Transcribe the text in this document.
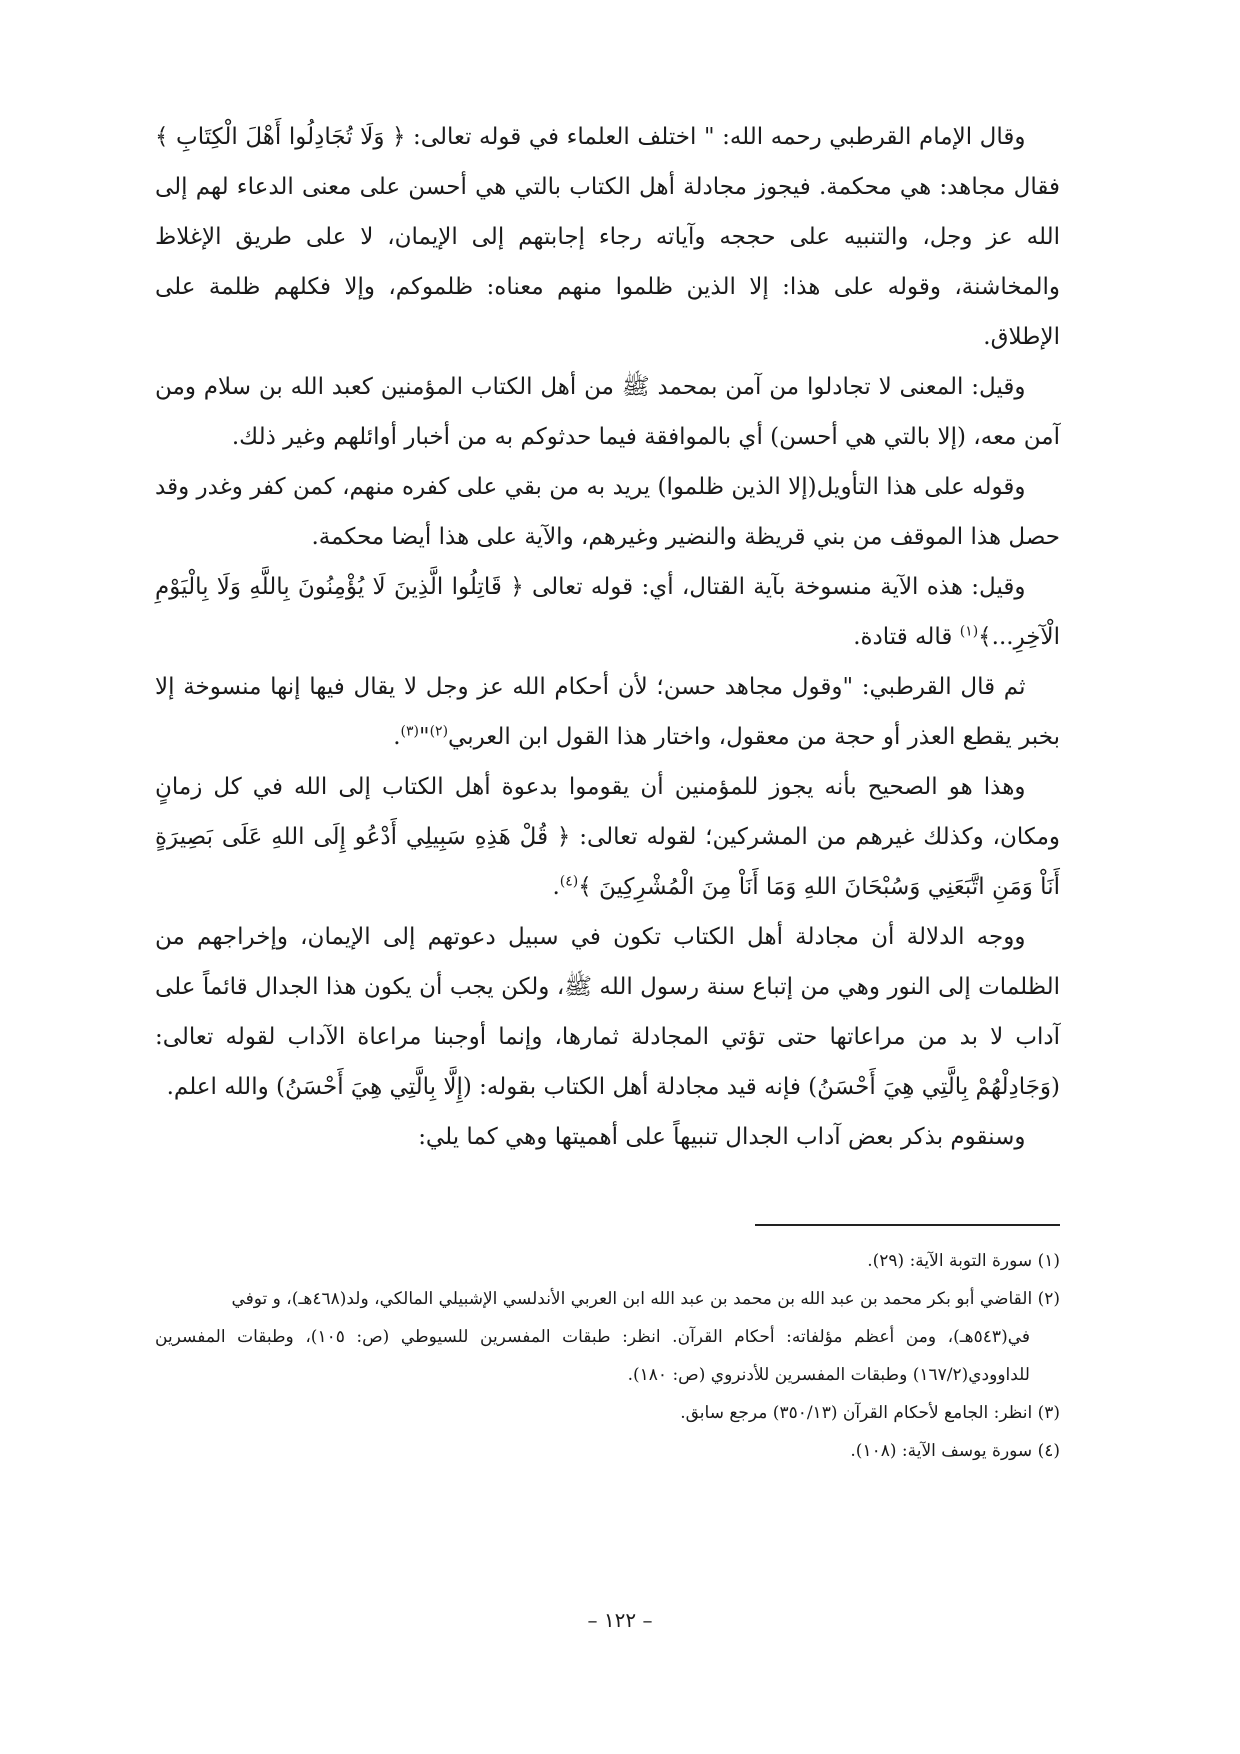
وقال الإمام القرطبي رحمه الله: " اختلف العلماء في قوله تعالى: ﴿ وَلَا تُجَادِلُوا أَهْلَ الْكِتَابِ ﴾ فقال مجاهد: هي محكمة. فيجوز مجادلة أهل الكتاب بالتي هي أحسن على معنى الدعاء لهم إلى الله عز وجل، والتنبيه على حججه وآياته رجاء إجابتهم إلى الإيمان، لا على طريق الإغلاظ والمخاشنة، وقوله على هذا: إلا الذين ظلموا منهم معناه: ظلموكم، وإلا فكلهم ظلمة على الإطلاق.

وقيل: المعنى لا تجادلوا من آمن بمحمد ﷺ من أهل الكتاب المؤمنين كعبد الله بن سلام ومن آمن معه، (إلا بالتي هي أحسن) أي بالموافقة فيما حدثوكم به من أخبار أوائلهم وغير ذلك.

وقوله على هذا التأويل(إلا الذين ظلموا) يريد به من بقي على كفره منهم، كمن كفر وغدر وقد حصل هذا الموقف من بني قريظة والنضير وغيرهم، والآية على هذا أيضا محكمة.

وقيل: هذه الآية منسوخة بآية القتال، أي: قوله تعالى ﴿ قَاتِلُوا الَّذِينَ لَا يُؤْمِنُونَ بِاللَّهِ وَلَا بِالْيَوْمِ الْآخِرِ...﴾$^{(١)}$ قاله قتادة.

ثم قال القرطبي: "وقول مجاهد حسن؛ لأن أحكام الله عز وجل لا يقال فيها إنها منسوخة إلا بخبر يقطع العذر أو حجة من معقول، واختار هذا القول ابن العربي$^{(٢)}$"$^{(٣)}$.

وهذا هو الصحيح بأنه يجوز للمؤمنين أن يقوموا بدعوة أهل الكتاب إلى الله في كل زمانٍ ومكان، وكذلك غيرهم من المشركين؛ لقوله تعالى: ﴿ قُلْ هَذِهِ سَبِيلِي أَدْعُو إِلَى اللهِ عَلَى بَصِيرَةٍ أَنَاْ وَمَنِ اتَّبَعَنِي وَسُبْحَانَ اللهِ وَمَا أَنَاْ مِنَ الْمُشْرِكِينَ ﴾$^{(٤)}$.

ووجه الدلالة أن مجادلة أهل الكتاب تكون في سبيل دعوتهم إلى الإيمان، وإخراجهم من الظلمات إلى النور وهي من إتباع سنة رسول الله ﷺ، ولكن يجب أن يكون هذا الجدال قائماً على آداب لا بد من مراعاتها حتى تؤتي المجادلة ثمارها، وإنما أوجبنا مراعاة الآداب لقوله تعالى: (وَجَادِلْهُمْ بِالَّتِي هِيَ أَحْسَنُ) فإنه قيد مجادلة أهل الكتاب بقوله: (إِلَّا بِالَّتِي هِيَ أَحْسَنُ) والله اعلم.

وسنقوم بذكر بعض آداب الجدال تنبيهاً على أهميتها وهي كما يلي:

(١) سورة التوبة الآية: (٢٩).

(٢) القاضي أبو بكر محمد بن عبد الله بن محمد بن عبد الله ابن العربي الأندلسي الإشبيلي المالكي، ولد(٤٦٨هـ)، و توفي

في(٥٤٣هـ)، ومن أعظم مؤلفاته: أحكام القرآن. انظر: طبقات المفسرين للسيوطي (ص: ١٠٥)، وطبقات المفسرين للداوودي(١٦٧/٢) وطبقات المفسرين للأدنروي (ص: ١٨٠).

(٣) انظر: الجامع لأحكام القرآن (٣٥٠/١٣) مرجع سابق.

(٤) سورة يوسف الآية: (١٠٨).

– ١٢٢ –
